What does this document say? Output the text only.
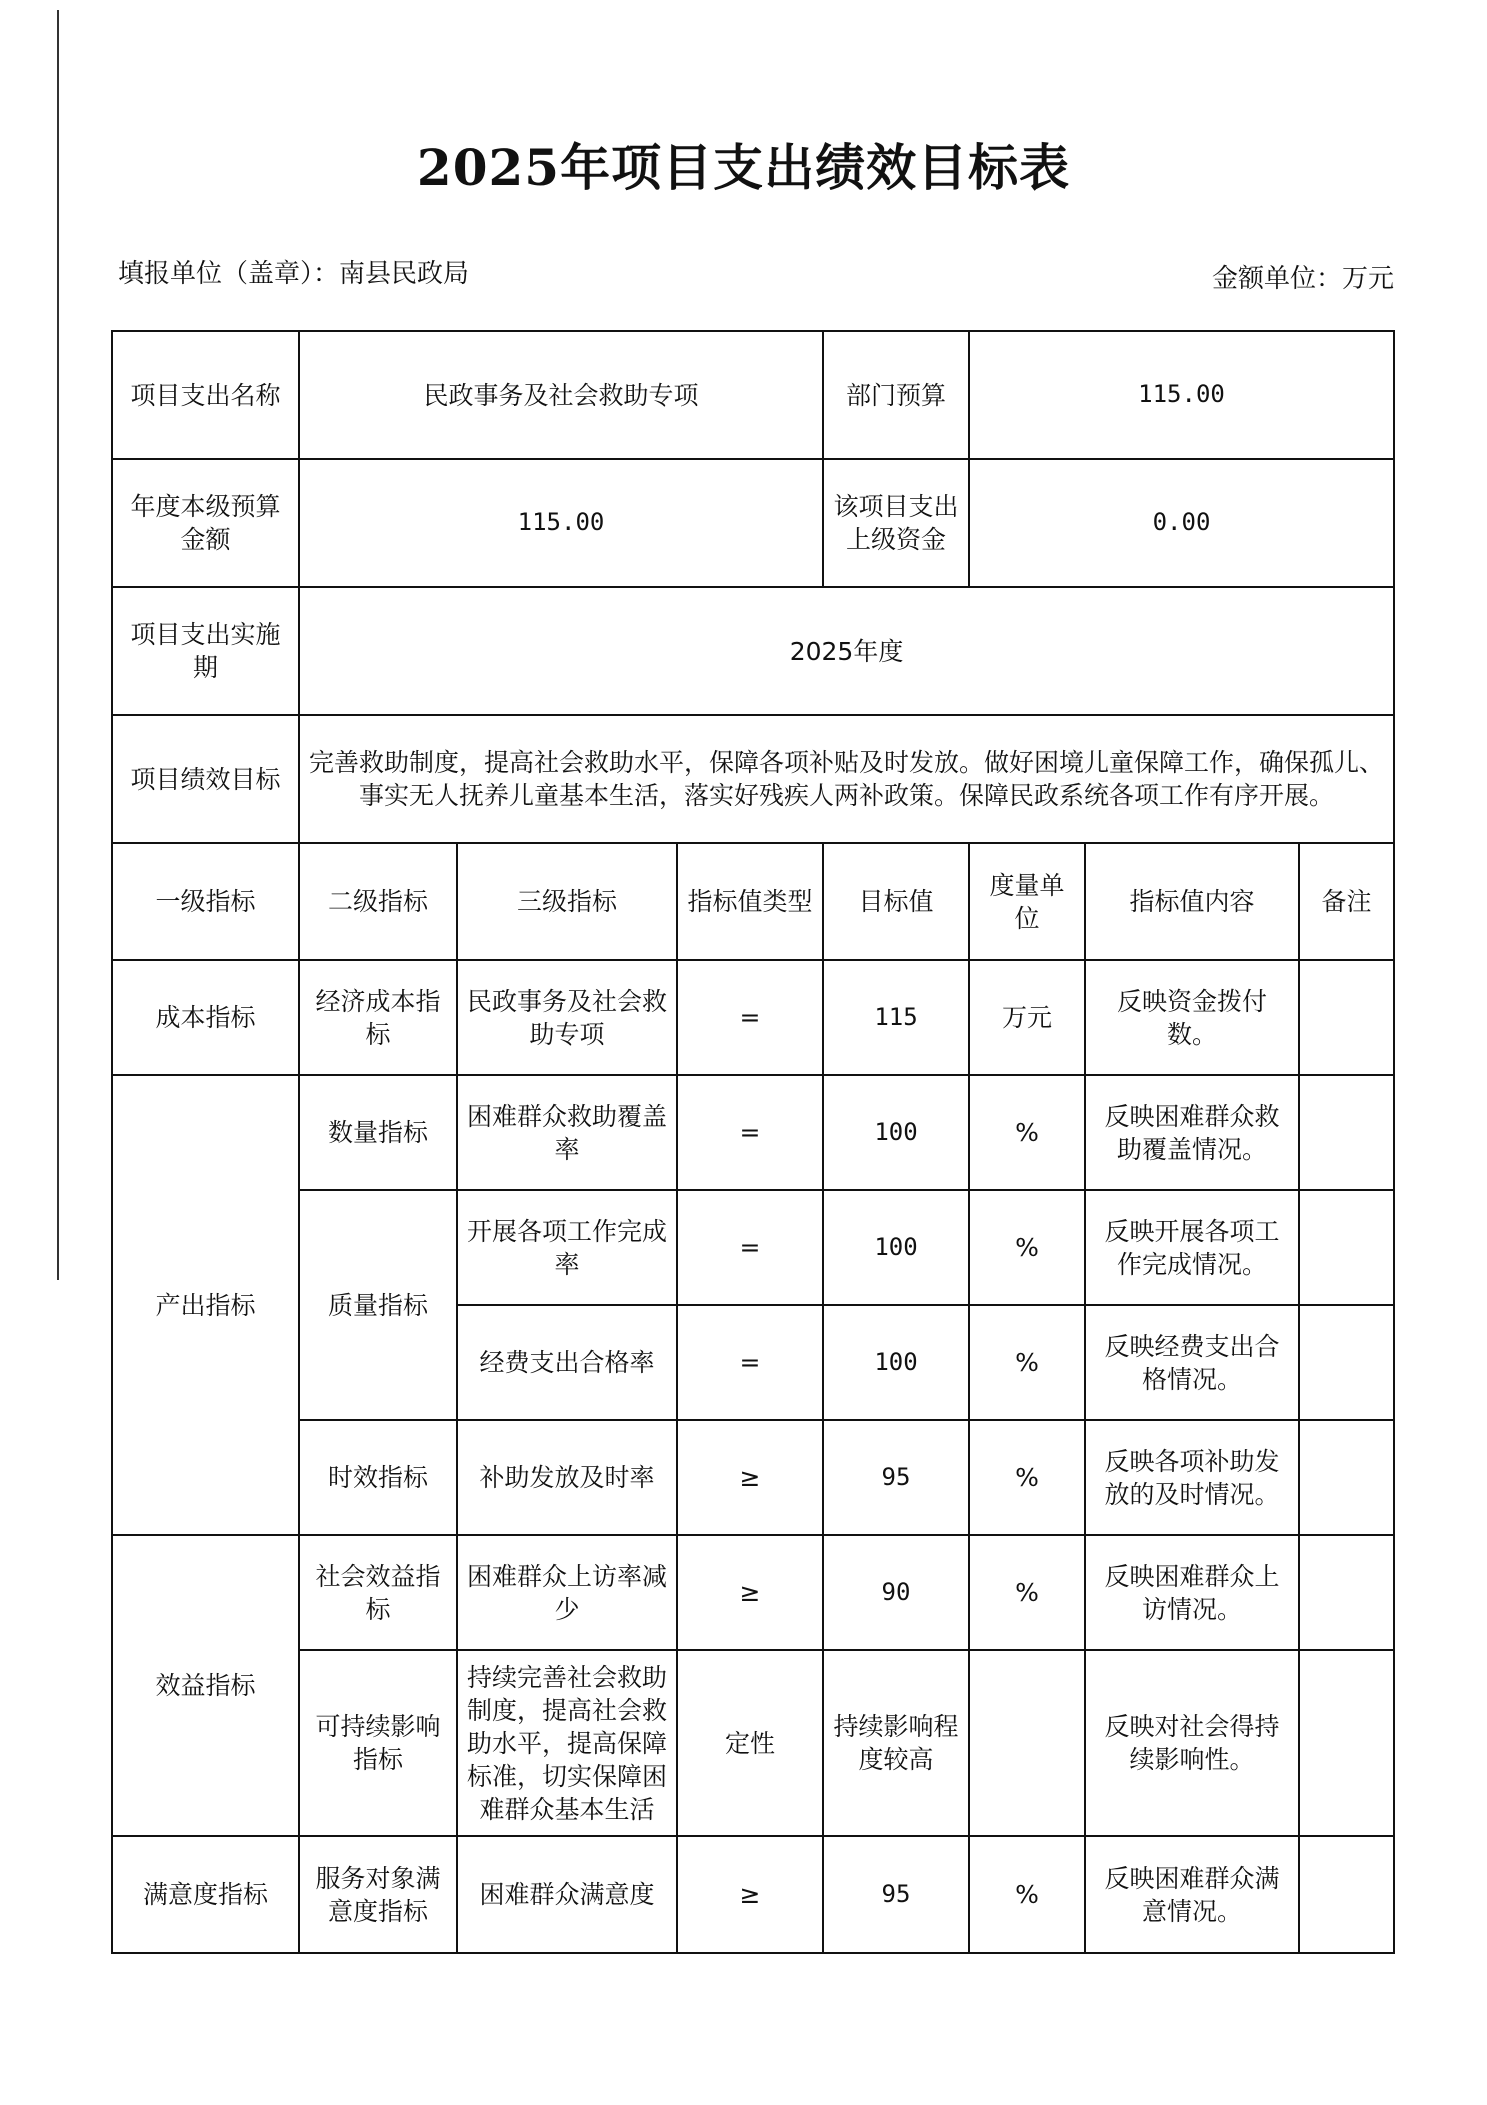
2025年项目支出绩效目标表
填报单位（盖章）：南县民政局	金额单位：万元
项目支出名称	民政事务及社会救助专项			部门预算	115.00		
年度本级预算金额	115.00			该项目支出上级资金	0.00		
项目支出实施期	2025年度						
项目绩效目标	完善救助制度，提高社会救助水平，保障各项补贴及时发放。做好困境儿童保障工作，确保孤儿、事实无人抚养儿童基本生活，落实好残疾人两补政策。保障民政系统各项工作有序开展。						
一级指标	二级指标	三级指标	指标值类型	目标值	度量单位	指标值内容	备注
成本指标	经济成本指标	民政事务及社会救助专项	=	115	万元	反映资金拨付数。	
产出指标	数量指标	困难群众救助覆盖率	=	100	%	反映困难群众救助覆盖情况。	
	质量指标	开展各项工作完成率	=	100	%	反映开展各项工作完成情况。	
		经费支出合格率	=	100	%	反映经费支出合格情况。	
	时效指标	补助发放及时率	≥	95	%	反映各项补助发放的及时情况。	
效益指标	社会效益指标	困难群众上访率减少	≥	90	%	反映困难群众上访情况。	
	可持续影响指标	持续完善社会救助制度，提高社会救助水平，提高保障标准，切实保障困难群众基本生活	定性	持续影响程度较高		反映对社会得持续影响性。	
满意度指标	服务对象满意度指标	困难群众满意度	≥	95	%	反映困难群众满意情况。	
